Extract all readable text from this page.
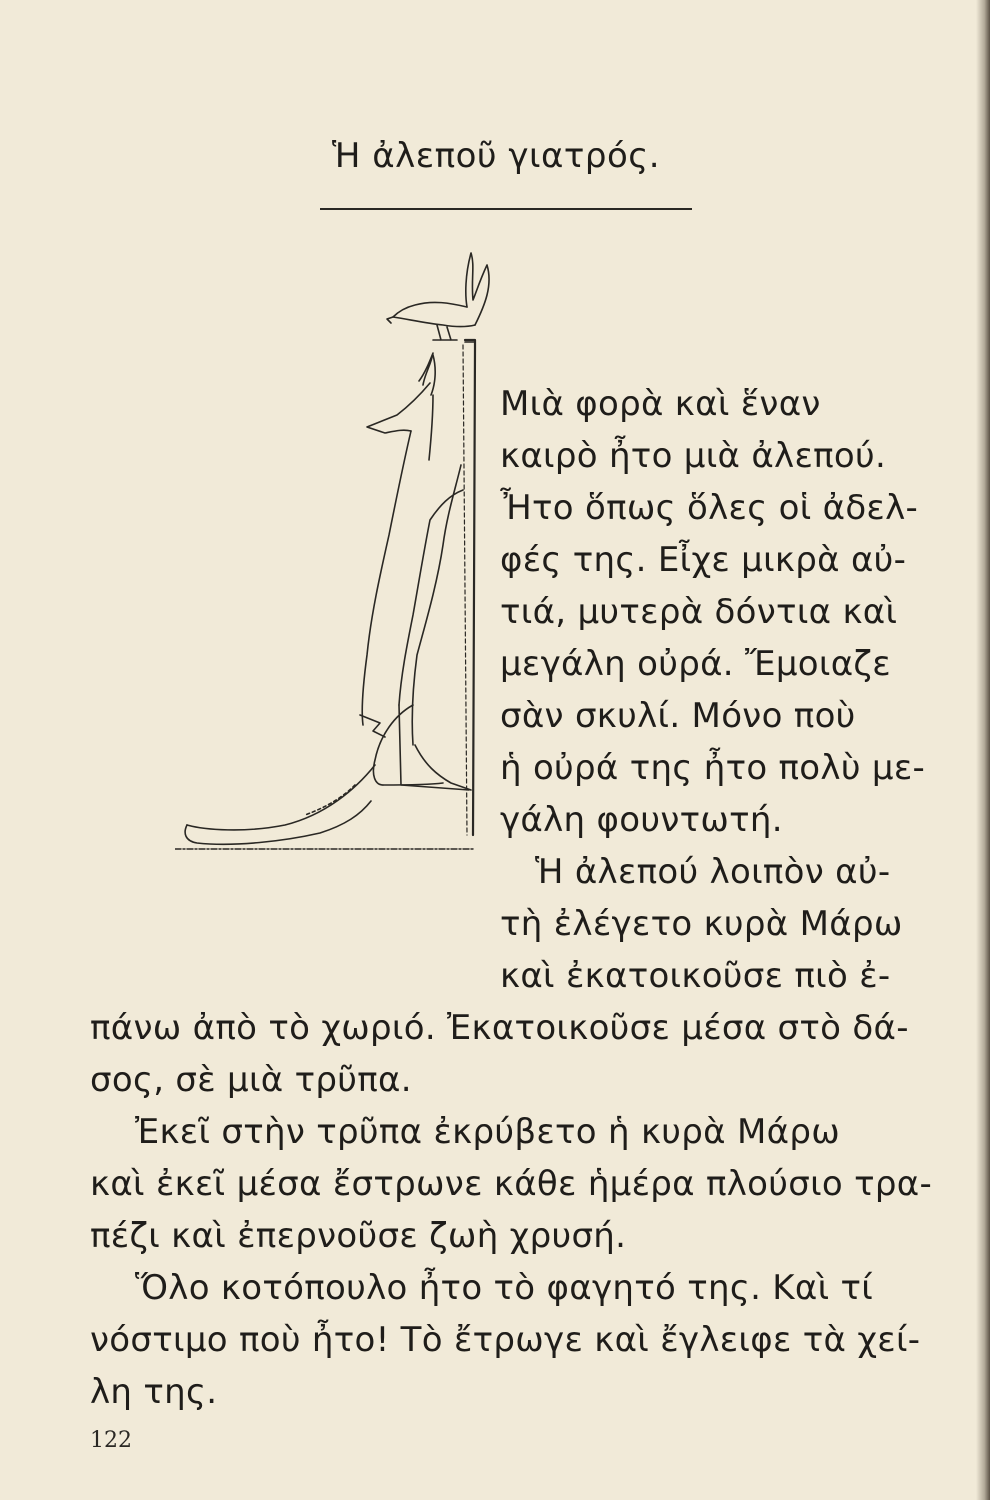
Ἡ ἀλεποῦ γιατρός.
Μιὰ φορὰ καὶ ἕναν
καιρὸ ἦτο μιὰ ἀλεπού.
Ἦτο ὅπως ὅλες οἱ ἀδελ-
φές της. Εἶχε μικρὰ αὐ-
τιά, μυτερὰ δόντια καὶ
μεγάλη οὐρά. Ἔμοιαζε
σὰν σκυλί. Μόνο ποὺ
ἡ οὐρά της ἦτο πολὺ με-
γάλη φουντωτή.
Ἡ ἀλεπού λοιπὸν αὐ-
τὴ ἐλέγετο κυρὰ Μάρω
καὶ ἐκατοικοῦσε πιὸ ἐ-
πάνω ἀπὸ τὸ χωριό. Ἐκατοικοῦσε μέσα στὸ δά-
σος, σὲ μιὰ τρῦπα.
Ἐκεῖ στὴν τρῦπα ἐκρύβετο ἡ κυρὰ Μάρω
καὶ ἐκεῖ μέσα ἔστρωνε κάθε ἡμέρα πλούσιο τρα-
πέζι καὶ ἐπερνοῦσε ζωὴ χρυσή.
Ὅλο κοτόπουλο ἦτο τὸ φαγητό της. Καὶ τί
νόστιμο ποὺ ἦτο! Τὸ ἔτρωγε καὶ ἔγλειφε τὰ χεί-
λη της.
122
